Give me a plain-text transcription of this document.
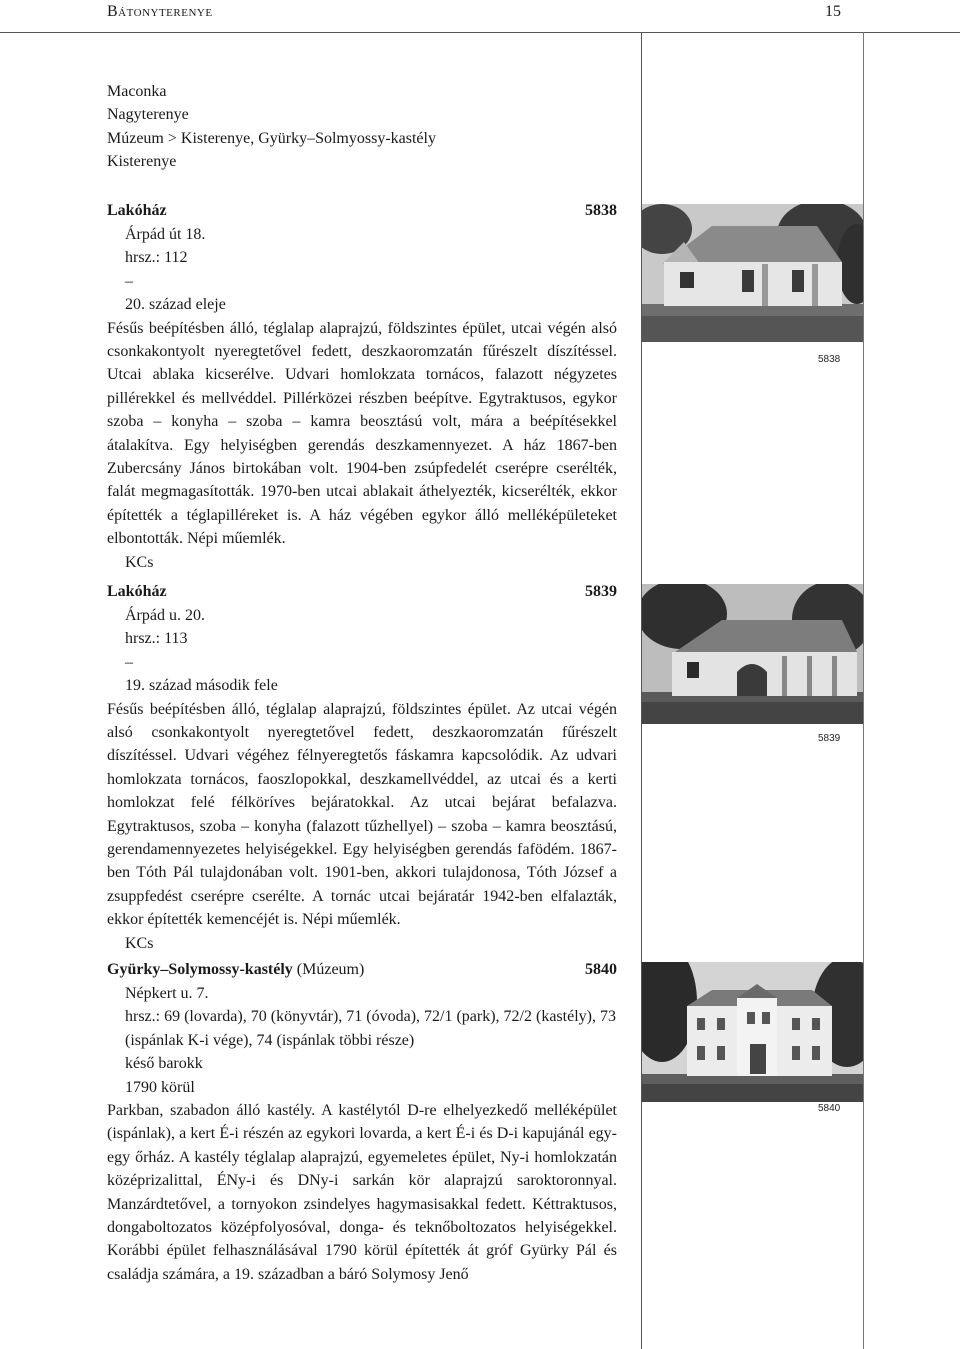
Bátonyterenye	15
Maconka
Nagyterenye
Múzeum > Kisterenye, Gyürky–Solmyossy-kastély
Kisterenye
Lakóház	5838
Árpád út 18.
hrsz.: 112
–
20. század eleje
Fésűs beépítésben álló, téglalap alaprajzú, földszintes épület, utcai végén alsó csonkakontyolt nyeregtetővel fedett, deszkaoromzatán fűrészelt díszítéssel. Utcai ablaka kicserélve. Udvari homlokzata tornácos, falazott négyzetes pillérekkel és mellvéddel. Pillérközei részben beépítve. Egytraktusos, egykor szoba – konyha – szoba – kamra beosztású volt, mára a beépítésekkel átalakítva. Egy helyiségben gerendás deszkamennyezet. A ház 1867-ben Zubercsány János birtokában volt. 1904-ben zsúpfedelét cserépre cserélték, falát megmagasították. 1970-ben utcai ablakait áthelyezték, kicserélték, ekkor építették a téglapilléreket is. A ház végében egykor álló melléképületeket elbontották. Népi műemlék.
KCs
Lakóház	5839
Árpád u. 20.
hrsz.: 113
–
19. század második fele
Fésűs beépítésben álló, téglalap alaprajzú, földszintes épület. Az utcai végén alsó csonkakontyolt nyeregtetővel fedett, deszkaoromzatán fűrészelt díszítéssel. Udvari végéhez félnyeregtetős fáskamra kapcsolódik. Az udvari homlokzata tornácos, faoszlopokkal, deszkamellvéddel, az utcai és a kerti homlokzat felé félköríves bejáratokkal. Az utcai bejárat befalazva. Egytraktusos, szoba – konyha (falazott tűzhellyel) – szoba – kamra beosztású, gerendamennyezetes helyiségekkel. Egy helyiségben gerendás fafödém. 1867-ben Tóth Pál tulajdonában volt. 1901-ben, akkori tulajdonosa, Tóth József a zsuppfedést cserépre cserélte. A tornác utcai bejáratár 1942-ben elfalazták, ekkor építették kemencéjét is. Népi műemlék.
KCs
Gyürky–Solymossy-kastély (Múzeum)	5840
Népkert u. 7.
hrsz.: 69 (lovarda), 70 (könyvtár), 71 (óvoda), 72/1 (park), 72/2 (kastély), 73 (ispánlak K-i vége), 74 (ispánlak többi része)
késő barokk
1790 körül
Parkban, szabadon álló kastély. A kastélytól D-re elhelyezkedő melléképület (ispánlak), a kert É-i részén az egykori lovarda, a kert É-i és D-i kapujánál egy-egy őrház. A kastély téglalap alaprajzú, egyemeletes épület, Ny-i homlokzatán középrizalittal, ÉNy-i és DNy-i sarkán kör alaprajzú saroktoronnyal. Manzárdtetővel, a tornyokon zsindelyes hagymasisakkal fedett. Kéttraktusos, dongaboltozatos középfolyosóval, donga- és teknőboltozatos helyiségekkel. Korábbi épület felhasználásával 1790 körül építették át gróf Gyürky Pál és családja számára, a 19. században a báró Solymosy Jenő
5838
5839
5840
